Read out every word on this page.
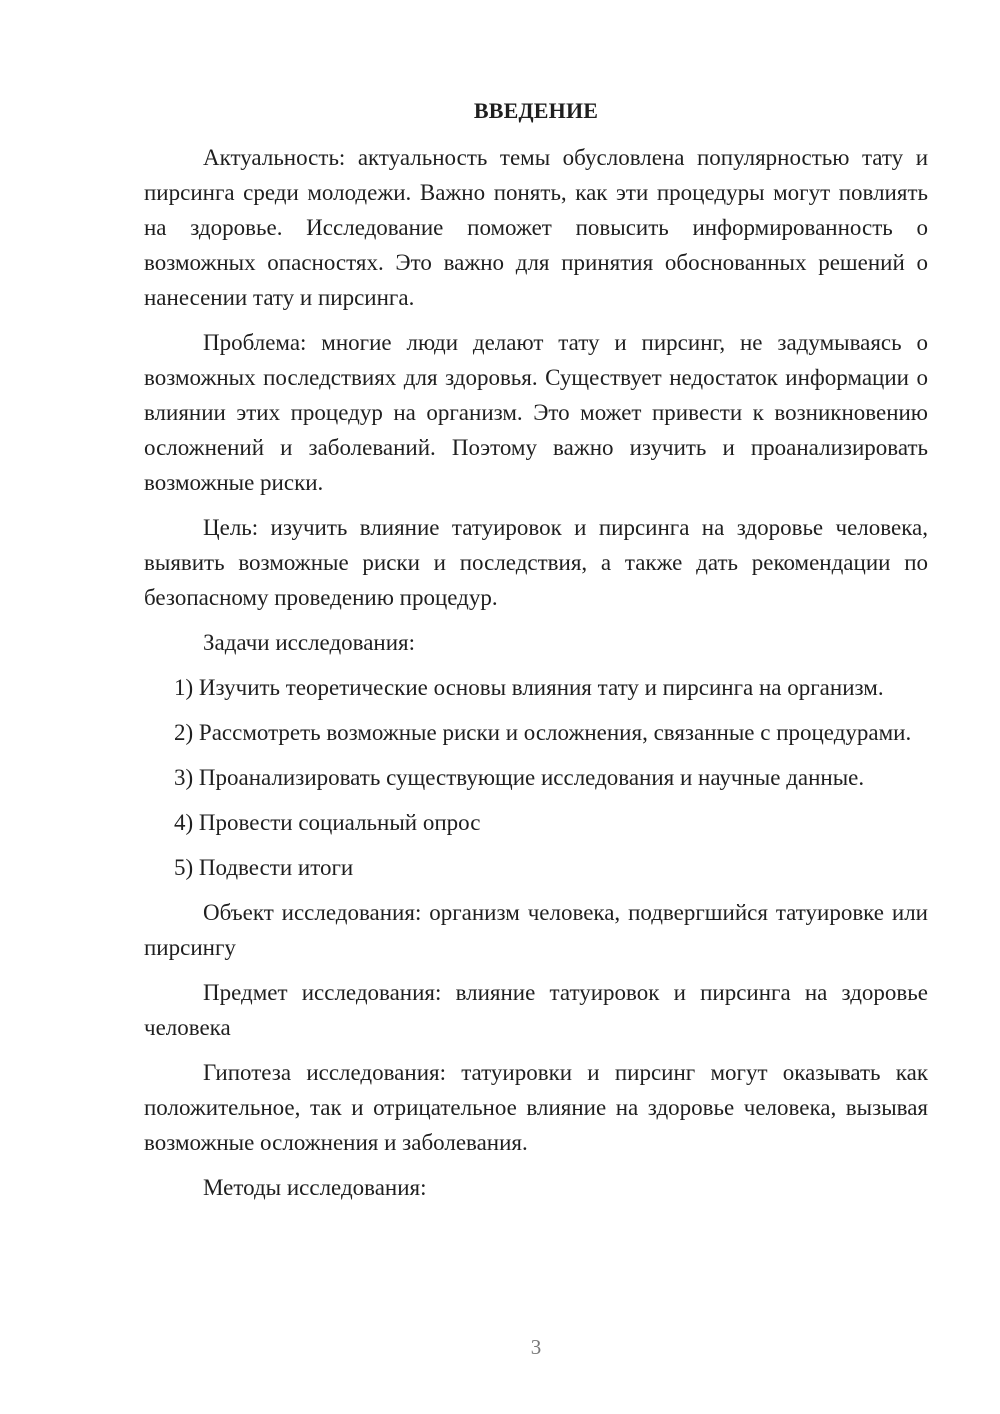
ВВЕДЕНИЕ

Актуальность: актуальность темы обусловлена популярностью тату и пирсинга среди молодежи. Важно понять, как эти процедуры могут повлиять на здоровье. Исследование поможет повысить информированность о возможных опасностях. Это важно для принятия обоснованных решений о нанесении тату и пирсинга.

Проблема: многие люди делают тату и пирсинг, не задумываясь о возможных последствиях для здоровья. Существует недостаток информации о влиянии этих процедур на организм. Это может привести к возникновению осложнений и заболеваний. Поэтому важно изучить и проанализировать возможные риски.

Цель: изучить влияние татуировок и пирсинга на здоровье человека, выявить возможные риски и последствия, а также дать рекомендации по безопасному проведению процедур.

Задачи исследования:

1) Изучить теоретические основы влияния тату и пирсинга на организм.

2) Рассмотреть возможные риски и осложнения, связанные с процедурами.

3) Проанализировать существующие исследования и научные данные.

4) Провести социальный опрос

5) Подвести итоги

Объект исследования: организм человека, подвергшийся татуировке или пирсингу

Предмет исследования: влияние татуировок и пирсинга на здоровье человека

Гипотеза исследования: татуировки и пирсинг могут оказывать как положительное, так и отрицательное влияние на здоровье человека, вызывая возможные осложнения и заболевания.

Методы исследования:

3
